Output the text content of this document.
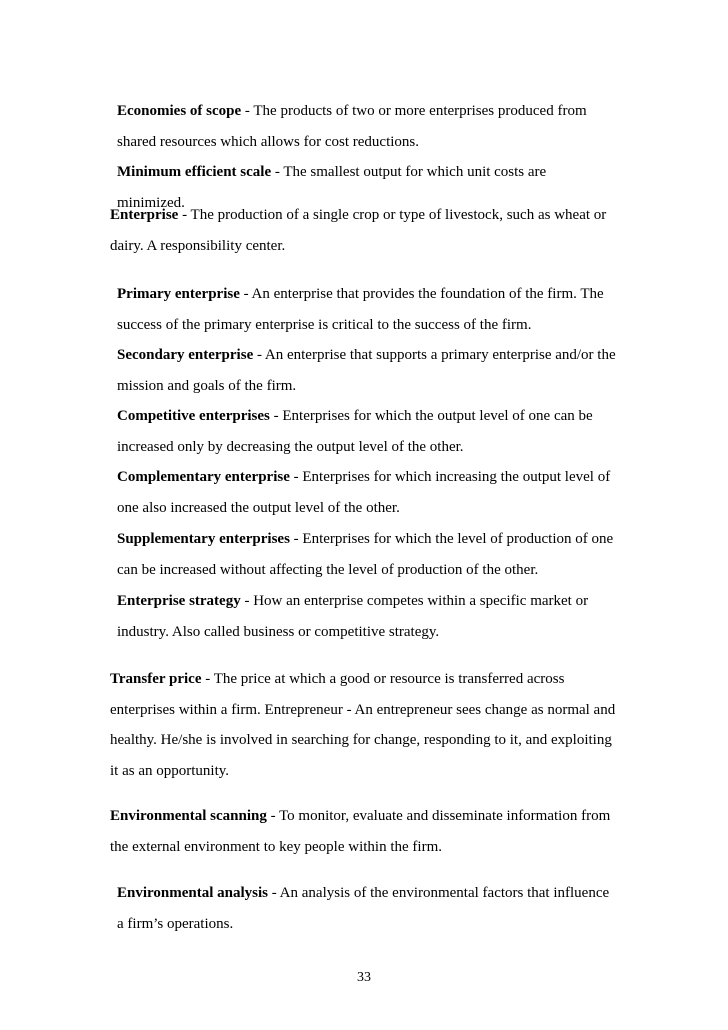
Economies of scope - The products of two or more enterprises produced from shared resources which allows for cost reductions.

Minimum efficient scale - The smallest output for which unit costs are minimized.

Enterprise - The production of a single crop or type of livestock, such as wheat or dairy. A responsibility center.

Primary enterprise - An enterprise that provides the foundation of the firm. The success of the primary enterprise is critical to the success of the firm.

Secondary enterprise - An enterprise that supports a primary enterprise and/or the mission and goals of the firm.

Competitive enterprises - Enterprises for which the output level of one can be increased only by decreasing the output level of the other.

Complementary enterprise - Enterprises for which increasing the output level of one also increased the output level of the other.

Supplementary enterprises - Enterprises for which the level of production of one can be increased without affecting the level of production of the other.

Enterprise strategy - How an enterprise competes within a specific market or industry. Also called business or competitive strategy.

Transfer price - The price at which a good or resource is transferred across enterprises within a firm. Entrepreneur - An entrepreneur sees change as normal and healthy. He/she is involved in searching for change, responding to it, and exploiting it as an opportunity.

Environmental scanning - To monitor, evaluate and disseminate information from the external environment to key people within the firm.

Environmental analysis - An analysis of the environmental factors that influence a firm’s operations.

33
